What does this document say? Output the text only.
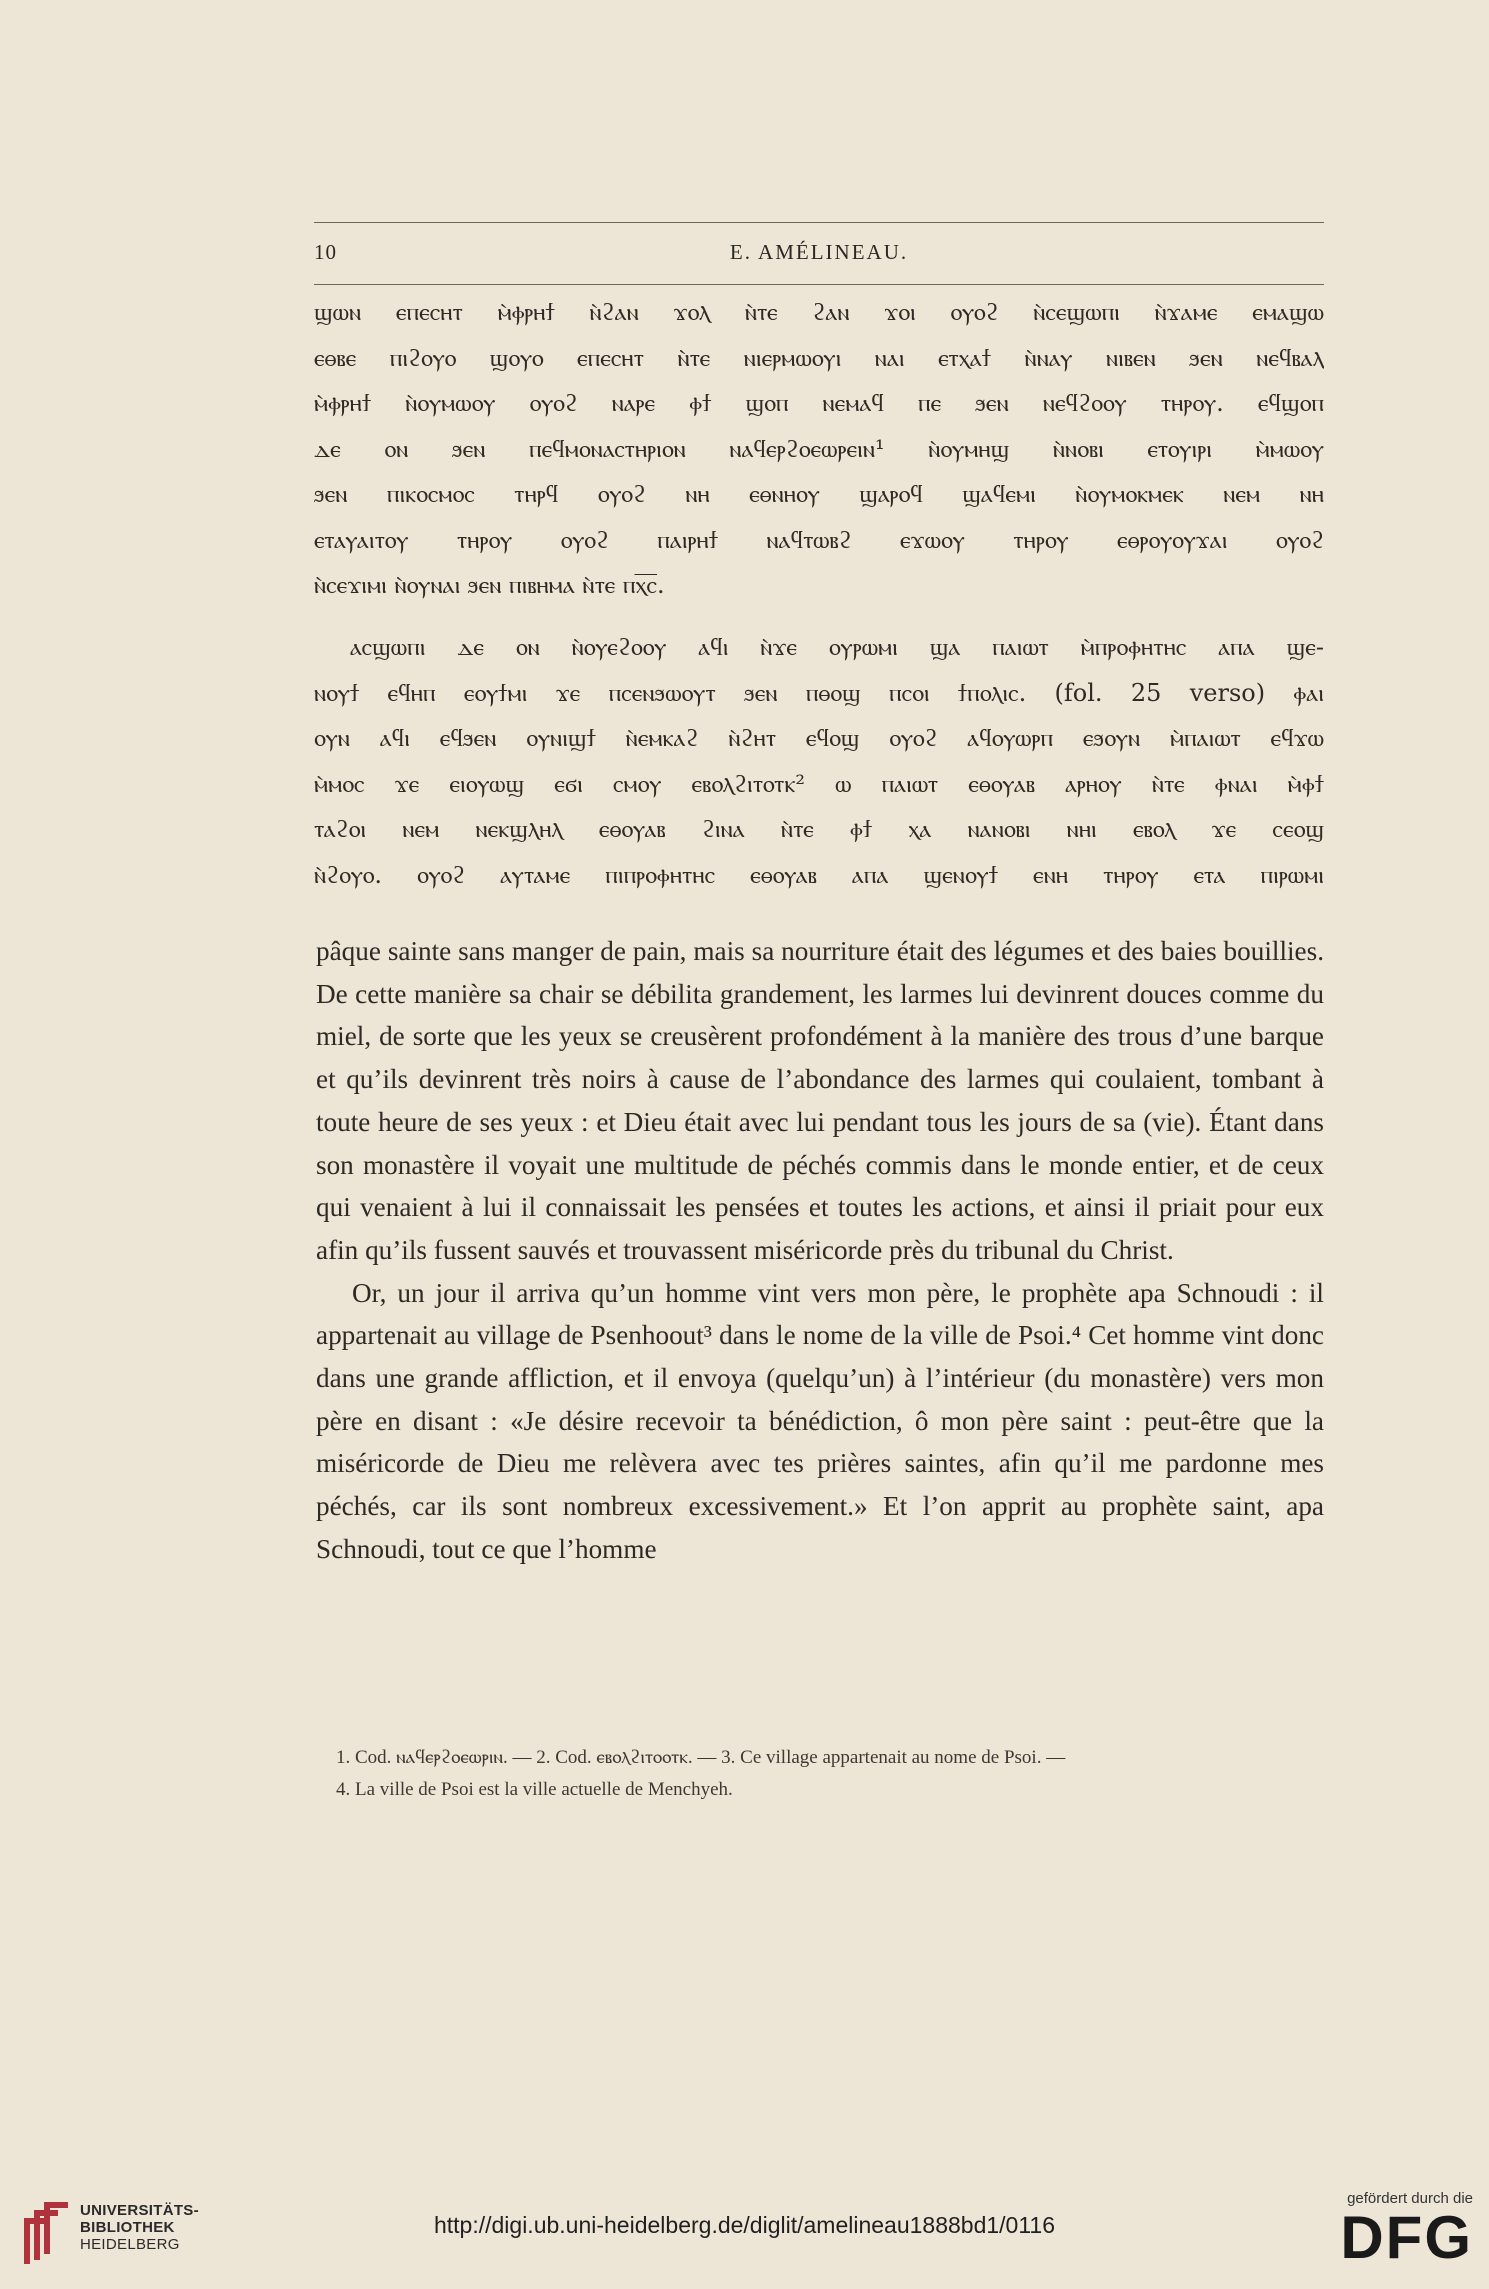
10	E. AMÉLINEAU.
ϣⲱⲛ ⲉⲡⲉⲥⲏⲧ ⲙ̀ⲫⲣⲏϯ ⲛ̀ϩⲁⲛ ϫⲟⲗ ⲛ̀ⲧⲉ ϩⲁⲛ ϫⲟⲓ ⲟⲩⲟϩ ⲛ̀ⲥⲉϣⲱⲡⲓ ⲛ̀ϫⲁⲙⲉ ⲉⲙⲁϣⲱ
ⲉⲑⲃⲉ ⲡⲓϩⲟⲩⲟ ϣⲟⲩⲟ ⲉⲡⲉⲥⲏⲧ ⲛ̀ⲧⲉ ⲛⲓⲉⲣⲙⲱⲟⲩⲓ ⲛⲁⲓ ⲉⲧⲭⲁϯ ⲛ̀ⲛⲁⲩ ⲛⲓⲃⲉⲛ ϧⲉⲛ ⲛⲉϥⲃⲁⲗ
ⲙ̀ⲫⲣⲏϯ ⲛ̀ⲟⲩⲙⲱⲟⲩ ⲟⲩⲟϩ ⲛⲁⲣⲉ ⲫϯ ϣⲟⲡ ⲛⲉⲙⲁϥ ⲡⲉ ϧⲉⲛ ⲛⲉϥϩⲟⲟⲩ ⲧⲏⲣⲟⲩ. ⲉϥϣⲟⲡ
ⲇⲉ ⲟⲛ ϧⲉⲛ ⲡⲉϥⲙⲟⲛⲁⲥⲧⲏⲣⲓⲟⲛ ⲛⲁϥⲉⲣϩⲟⲉⲱⲣⲉⲓⲛ¹ ⲛ̀ⲟⲩⲙⲏϣ ⲛ̀ⲛⲟⲃⲓ ⲉⲧⲟⲩⲓⲣⲓ ⲙ̀ⲙⲱⲟⲩ
ϧⲉⲛ ⲡⲓⲕⲟⲥⲙⲟⲥ ⲧⲏⲣϥ ⲟⲩⲟϩ ⲛⲏ ⲉⲑⲛⲏⲟⲩ ϣⲁⲣⲟϥ ϣⲁϥⲉⲙⲓ ⲛ̀ⲟⲩⲙⲟⲕⲙⲉⲕ ⲛⲉⲙ ⲛⲏ
ⲉⲧⲁⲩⲁⲓⲧⲟⲩ ⲧⲏⲣⲟⲩ ⲟⲩⲟϩ ⲡⲁⲓⲣⲏϯ ⲛⲁϥⲧⲱⲃϩ ⲉϫⲱⲟⲩ ⲧⲏⲣⲟⲩ ⲉⲑⲣⲟⲩⲟⲩϫⲁⲓ ⲟⲩⲟϩ
ⲛ̀ⲥⲉϫⲓⲙⲓ ⲛ̀ⲟⲩⲛⲁⲓ ϧⲉⲛ ⲡⲓⲃⲏⲙⲁ ⲛ̀ⲧⲉ ⲡⲭ̅ⲥ̅.
ⲁⲥϣⲱⲡⲓ ⲇⲉ ⲟⲛ ⲛ̀ⲟⲩⲉϩⲟⲟⲩ ⲁϥⲓ ⲛ̀ϫⲉ ⲟⲩⲣⲱⲙⲓ ϣⲁ ⲡⲁⲓⲱⲧ ⲙ̀ⲡⲣⲟⲫⲏⲧⲏⲥ ⲁⲡⲁ ϣⲉ-
ⲛⲟⲩϯ ⲉϥⲏⲡ ⲉⲟⲩϯⲙⲓ ϫⲉ ⲡⲥⲉⲛϧⲱⲟⲩⲧ ϧⲉⲛ ⲡⲑⲟϣ ⲡⲥⲟⲓ ϯⲡⲟⲗⲓⲥ. (fol. 25 verso) ⲫⲁⲓ
ⲟⲩⲛ ⲁϥⲓ ⲉϥϧⲉⲛ ⲟⲩⲛⲓϣϯ ⲛ̀ⲉⲙⲕⲁϩ ⲛ̀ϩⲏⲧ ⲉϥⲟϣ ⲟⲩⲟϩ ⲁϥⲟⲩⲱⲣⲡ ⲉϧⲟⲩⲛ ⲙ̀ⲡⲁⲓⲱⲧ ⲉϥϫⲱ
ⲙ̀ⲙⲟⲥ ϫⲉ ⲉⲓⲟⲩⲱϣ ⲉϭⲓ ⲥⲙⲟⲩ ⲉⲃⲟⲗϩⲓⲧⲟⲧⲕ² ⲱ ⲡⲁⲓⲱⲧ ⲉⲑⲟⲩⲁⲃ ⲁⲣⲏⲟⲩ ⲛ̀ⲧⲉ ⲫⲛⲁⲓ ⲙ̀ⲫϯ
ⲧⲁϩⲟⲓ ⲛⲉⲙ ⲛⲉⲕϣⲗⲏⲗ ⲉⲑⲟⲩⲁⲃ ϩⲓⲛⲁ ⲛ̀ⲧⲉ ⲫϯ ⲭⲁ ⲛⲁⲛⲟⲃⲓ ⲛⲏⲓ ⲉⲃⲟⲗ ϫⲉ ⲥⲉⲟϣ
ⲛ̀ϩⲟⲩⲟ. ⲟⲩⲟϩ ⲁⲩⲧⲁⲙⲉ ⲡⲓⲡⲣⲟⲫⲏⲧⲏⲥ ⲉⲑⲟⲩⲁⲃ ⲁⲡⲁ ϣⲉⲛⲟⲩϯ ⲉⲛⲏ ⲧⲏⲣⲟⲩ ⲉⲧⲁ ⲡⲓⲣⲱⲙⲓ

pâque sainte sans manger de pain, mais sa nourriture était des légumes et des baies bouillies. De cette manière sa chair se débilita grandement, les larmes lui devinrent douces comme du miel, de sorte que les yeux se creusèrent profondément à la manière des trous d’une barque et qu’ils devinrent très noirs à cause de l’abondance des larmes qui coulaient, tombant à toute heure de ses yeux : et Dieu était avec lui pendant tous les jours de sa (vie). Étant dans son monastère il voyait une multitude de péchés commis dans le monde entier, et de ceux qui venaient à lui il connaissait les pensées et toutes les actions, et ainsi il priait pour eux afin qu’ils fussent sauvés et trouvassent miséricorde près du tribunal du Christ.

Or, un jour il arriva qu’un homme vint vers mon père, le prophète apa Schnoudi : il appartenait au village de Psenhoout³ dans le nome de la ville de Psoi.⁴ Cet homme vint donc dans une grande affliction, et il envoya (quelqu’un) à l’intérieur (du monastère) vers mon père en disant : «Je désire recevoir ta bénédiction, ô mon père saint : peut-être que la miséricorde de Dieu me relèvera avec tes prières saintes, afin qu’il me pardonne mes péchés, car ils sont nombreux excessivement.» Et l’on apprit au prophète saint, apa Schnoudi, tout ce que l’homme

1. Cod. ⲛⲁϥⲉⲣϩⲟⲉⲱⲣⲓⲛ. — 2. Cod. ⲉⲃⲟⲗϩⲓⲧⲟⲟⲧⲕ. — 3. Ce village appartenait au nome de Psoi. —

4. La ville de Psoi est la ville actuelle de Menchyeh.

UNIVERSITÄTS-
BIBLIOTHEK
HEIDELBERG
http://digi.ub.uni-heidelberg.de/diglit/amelineau1888bd1/0116
gefördert durch die
DFG
